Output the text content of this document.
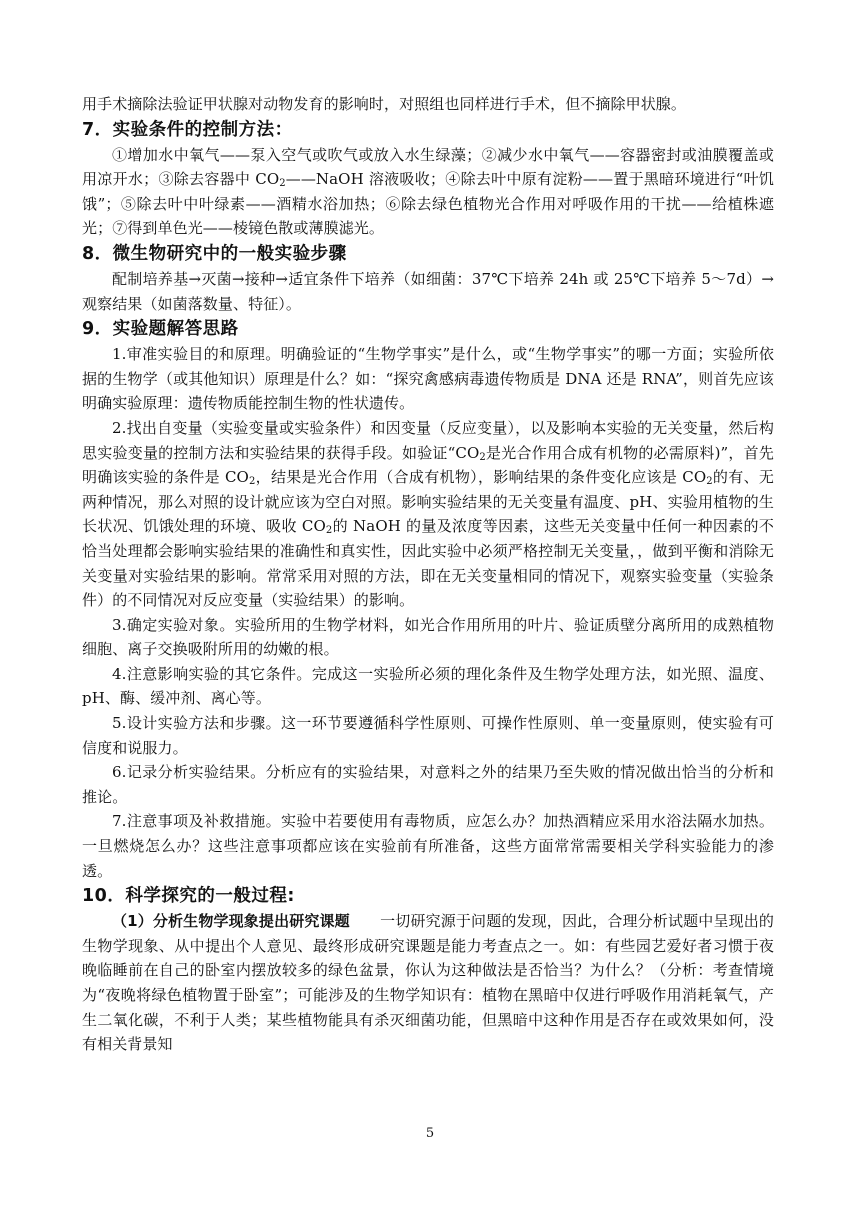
用手术摘除法验证甲状腺对动物发育的影响时，对照组也同样进行手术，但不摘除甲状腺。

7．实验条件的控制方法：

①增加水中氧气——泵入空气或吹气或放入水生绿藻；②减少水中氧气——容器密封或油膜覆盖或用凉开水；③除去容器中 $CO_2——NaOH$ 溶液吸收；④除去叶中原有淀粉——置于黑暗环境进行“叶饥饿”；⑤除去叶中叶绿素——酒精水浴加热；⑥除去绿色植物光合作用对呼吸作用的干扰——给植株遮光；⑦得到单色光——棱镜色散或薄膜滤光。

8．微生物研究中的一般实验步骤

配制培养基→灭菌→接种→适宜条件下培养（如细菌：37℃下培养 24h 或 25℃下培养 5～7d）→观察结果（如菌落数量、特征）。

9．实验题解答思路

1.审准实验目的和原理。明确验证的“生物学事实”是什么，或“生物学事实”的哪一方面；实验所依据的生物学（或其他知识）原理是什么？如：“探究禽感病毒遗传物质是 DNA 还是 RNA”，则首先应该明确实验原理：遗传物质能控制生物的性状遗传。

2.找出自变量（实验变量或实验条件）和因变量（反应变量），以及影响本实验的无关变量，然后构思实验变量的控制方法和实验结果的获得手段。如验证“$CO_2$是光合作用合成有机物的必需原料)”，首先明确该实验的条件是 $CO_2$，结果是光合作用（合成有机物），影响结果的条件变化应该是 $CO_2$的有、无两种情况，那么对照的设计就应该为空白对照。影响实验结果的无关变量有温度、pH、实验用植物的生长状况、饥饿处理的环境、吸收 $CO_2$的 NaOH 的量及浓度等因素，这些无关变量中任何一种因素的不恰当处理都会影响实验结果的准确性和真实性，因此实验中必须严格控制无关变量，，做到平衡和消除无关变量对实验结果的影响。常常采用对照的方法，即在无关变量相同的情况下，观察实验变量（实验条件）的不同情况对反应变量（实验结果）的影响。

3.确定实验对象。实验所用的生物学材料，如光合作用所用的叶片、验证质壁分离所用的成熟植物细胞、离子交换吸附所用的幼嫩的根。

4.注意影响实验的其它条件。完成这一实验所必须的理化条件及生物学处理方法，如光照、温度、pH、酶、缓冲剂、离心等。

5.设计实验方法和步骤。这一环节要遵循科学性原则、可操作性原则、单一变量原则，使实验有可信度和说服力。

6.记录分析实验结果。分析应有的实验结果，对意料之外的结果乃至失败的情况做出恰当的分析和推论。

7.注意事项及补救措施。实验中若要使用有毒物质，应怎么办？加热酒精应采用水浴法隔水加热。一旦燃烧怎么办？这些注意事项都应该在实验前有所准备，这些方面常常需要相关学科实验能力的渗透。

10．科学探究的一般过程:

（1）分析生物学现象提出研究课题　　一切研究源于问题的发现，因此，合理分析试题中呈现出的生物学现象、从中提出个人意见、最终形成研究课题是能力考查点之一。如：有些园艺爱好者习惯于夜晚临睡前在自己的卧室内摆放较多的绿色盆景，你认为这种做法是否恰当？为什么？（分析：考查情境为“夜晚将绿色植物置于卧室”；可能涉及的生物学知识有：植物在黑暗中仅进行呼吸作用消耗氧气，产生二氧化碳，不利于人类；某些植物能具有杀灭细菌功能，但黑暗中这种作用是否存在或效果如何，没有相关背景知

5
